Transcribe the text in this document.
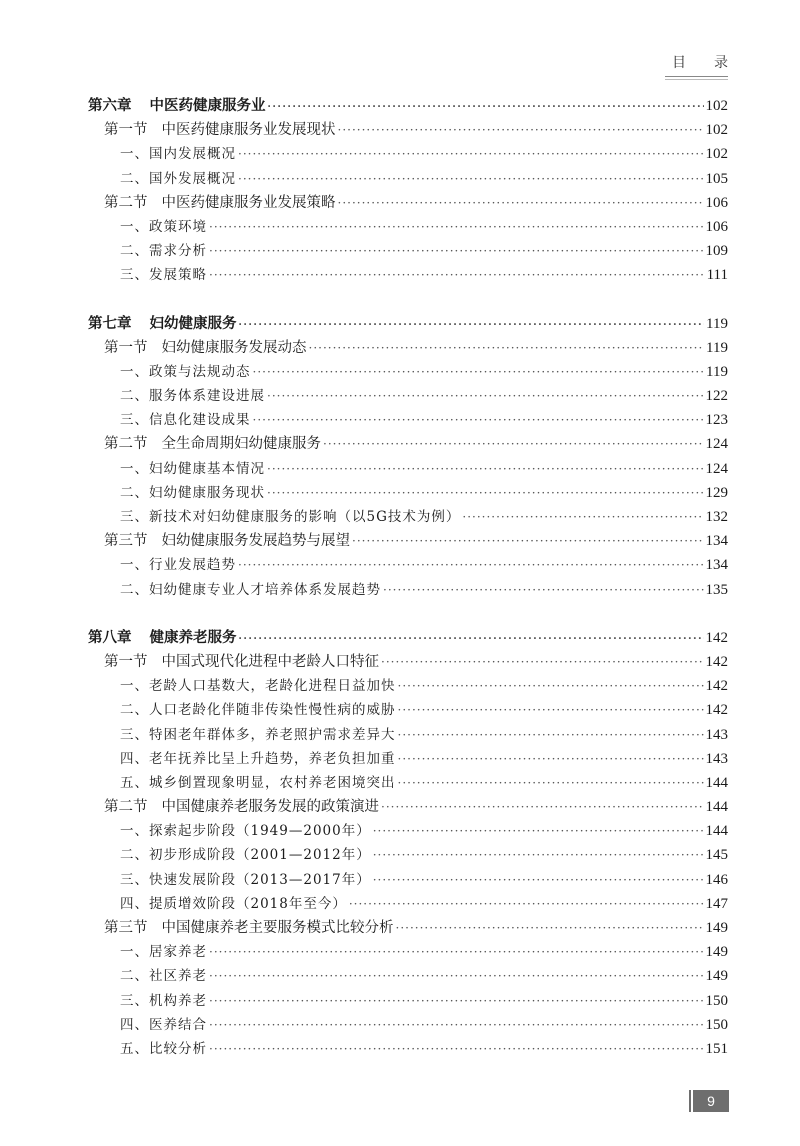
目 录
第六章 中医药健康服务业 ·····	102
第一节 中医药健康服务业发展现状 ·····	102
一、国内发展概况 ·····	102
二、国外发展概况 ·····	105
第二节 中医药健康服务业发展策略 ·····	106
一、政策环境 ·····	106
二、需求分析 ·····	109
三、发展策略 ·····	111
第七章 妇幼健康服务 ·····	119
第一节 妇幼健康服务发展动态 ·····	119
一、政策与法规动态 ·····	119
二、服务体系建设进展 ·····	122
三、信息化建设成果 ·····	123
第二节 全生命周期妇幼健康服务 ·····	124
一、妇幼健康基本情况 ·····	124
二、妇幼健康服务现状 ·····	129
三、新技术对妇幼健康服务的影响（以5G技术为例） ·····	132
第三节 妇幼健康服务发展趋势与展望 ·····	134
一、行业发展趋势 ·····	134
二、妇幼健康专业人才培养体系发展趋势 ·····	135
第八章 健康养老服务 ·····	142
第一节 中国式现代化进程中老龄人口特征 ·····	142
一、老龄人口基数大，老龄化进程日益加快 ·····	142
二、人口老龄化伴随非传染性慢性病的威胁 ·····	142
三、特困老年群体多，养老照护需求差异大 ·····	143
四、老年抚养比呈上升趋势，养老负担加重 ·····	143
五、城乡倒置现象明显，农村养老困境突出 ·····	144
第二节 中国健康养老服务发展的政策演进 ·····	144
一、探索起步阶段（1949—2000年） ·····	144
二、初步形成阶段（2001—2012年） ·····	145
三、快速发展阶段（2013—2017年） ·····	146
四、提质增效阶段（2018年至今） ·····	147
第三节 中国健康养老主要服务模式比较分析 ·····	149
一、居家养老 ·····	149
二、社区养老 ·····	149
三、机构养老 ·····	150
四、医养结合 ·····	150
五、比较分析 ·····	151
9
